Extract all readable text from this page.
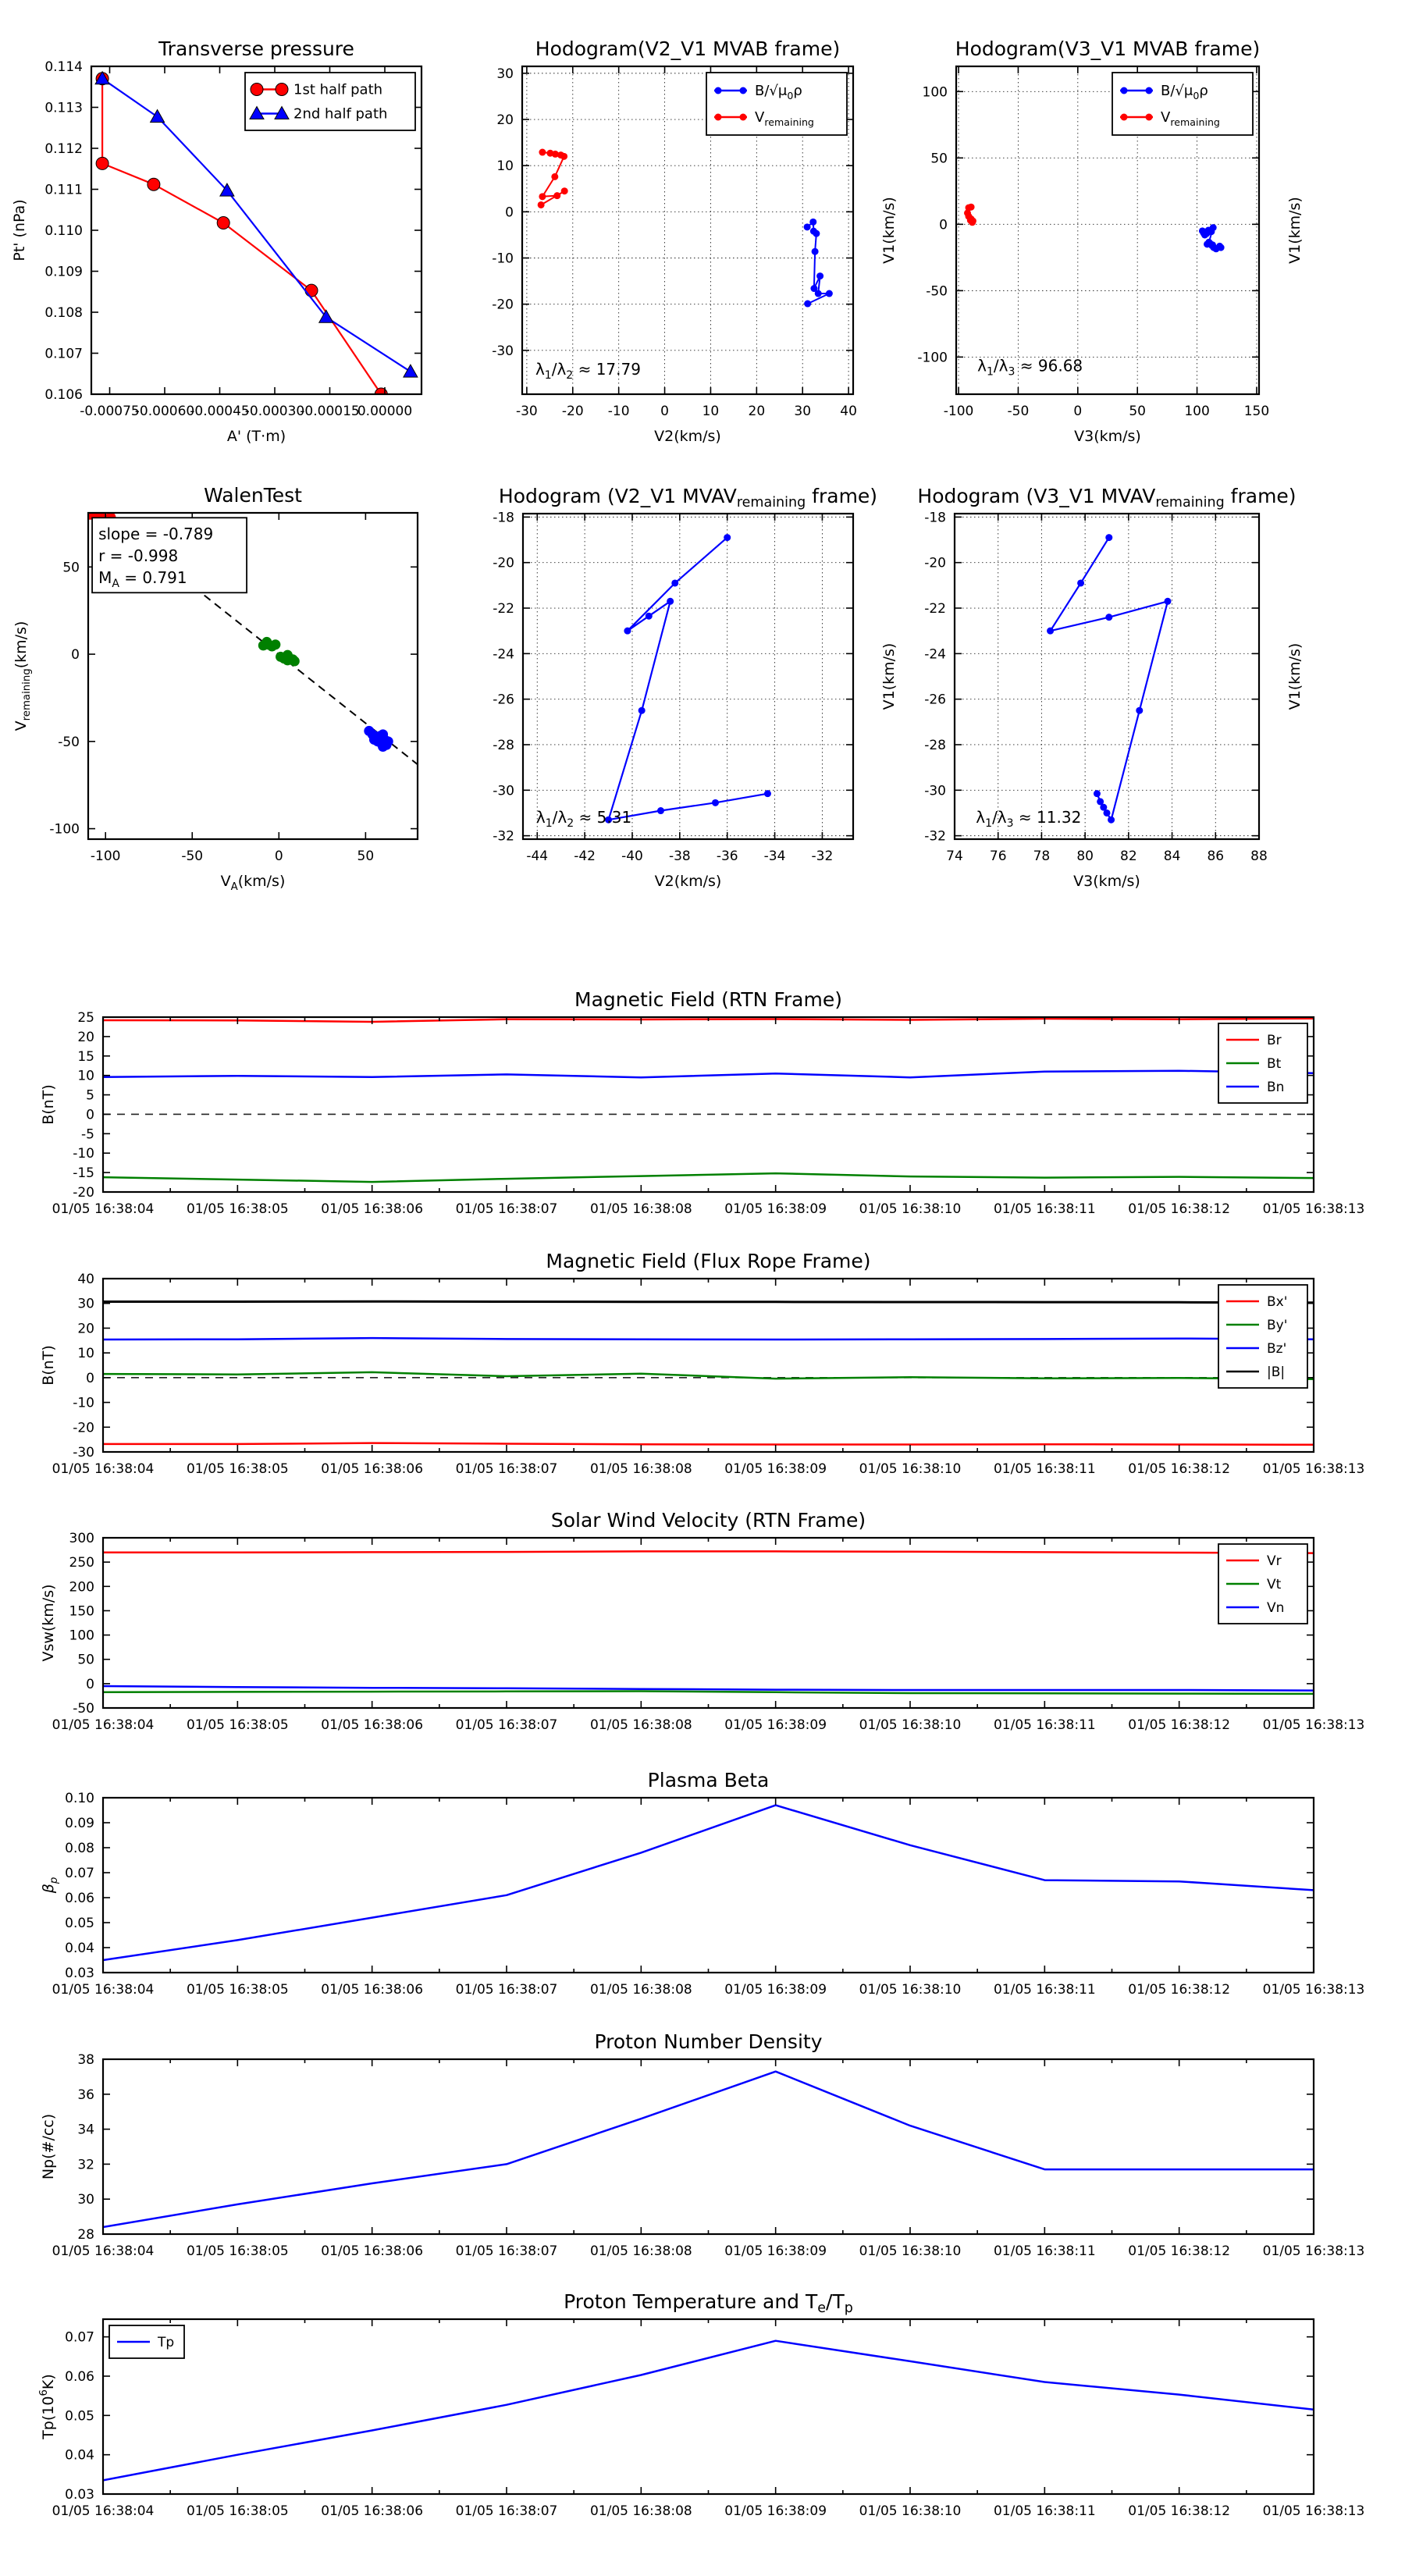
-0.00075
-0.00060
-0.00045
-0.00030
-0.00015
0.00000
0.106
0.107
0.108
0.109
0.110
0.111
0.112
0.113
0.114
Transverse pressure
A' (T·m)
Pt' (nPa)
1st half path
2nd half path
-30 -20 -10 0	10 20 30 40
-30
-20
-10
0
10
20
30
Hodogram(V2_V1 MVAB frame)
V2(km/s)
V1(km/s)
$\lambda_1/\lambda_2 \approx 17.79$
$B/√\mu_0\rho$
$V_{remaining}$
-100	-50	0	50	100	150
-100
-50
0
50
100
Hodogram(V3_V1 MVAB frame)
V3(km/s)
V1(km/s)
$\lambda_1/\lambda_3 \approx 96.68$
$B/√\mu_0\rho$
$V_{remaining}$
-100	-50	0	50
-100
-50
0
50
WalenTest
$V_A(km/s)$
$V_{remaining}(km/s)$
slope = -0.789
r = -0.998
$M_A = 0.791$
-44 -42 -40 -38 -36 -34 -32
-32
-30
-28
-26
-24
-22
-20
-18
Hodogram (V2_V1 $MVAV_{remaining}$ frame)
V2(km/s)
V1(km/s)
$\lambda_1/\lambda_2 \approx 5.31$
74 76 78 80 82 84 86 88
-32
-30
-28
-26
-24
-22
-20
-18
Hodogram (V3_V1 $MVAV_{remaining}$ frame)
V3(km/s)
V1(km/s)
$\lambda_1/\lambda_3 \approx 11.32$
01/05 16:38:04 01/05 16:38:05 01/05 16:38:06 01/05 16:38:07 01/05 16:38:08 01/05 16:38:09 01/05 16:38:10 01/05 16:38:11 01/05 16:38:12 01/05 16:38:13
-20
-15
-10
-5
0
5
10
15
20
25
Magnetic Field (RTN Frame)
B(nT)
Br
Bt
Bn
01/05 16:38:04 01/05 16:38:05 01/05 16:38:06 01/05 16:38:07 01/05 16:38:08 01/05 16:38:09 01/05 16:38:10 01/05 16:38:11 01/05 16:38:12 01/05 16:38:13
-30
-20
-10
0
10
20
30
40
Magnetic Field (Flux Rope Frame)
B(nT)
Bx'
By'
Bz'
|B|
01/05 16:38:04 01/05 16:38:05 01/05 16:38:06 01/05 16:38:07 01/05 16:38:08 01/05 16:38:09 01/05 16:38:10 01/05 16:38:11 01/05 16:38:12 01/05 16:38:13
-50
0
50
100
150
200
250
300
Solar Wind Velocity (RTN Frame)
Vsw(km/s)
Vr
Vt
Vn
01/05 16:38:04 01/05 16:38:05 01/05 16:38:06 01/05 16:38:07 01/05 16:38:08 01/05 16:38:09 01/05 16:38:10 01/05 16:38:11 01/05 16:38:12 01/05 16:38:13
0.03
0.04
0.05
0.06
0.07
0.08
0.09
0.10
Plasma Beta
$\beta_p$
01/05 16:38:04 01/05 16:38:05 01/05 16:38:06 01/05 16:38:07 01/05 16:38:08 01/05 16:38:09 01/05 16:38:10 01/05 16:38:11 01/05 16:38:12 01/05 16:38:13
28
30
32
34
36
38
Proton Number Density
Np(#/cc)
01/05 16:38:04 01/05 16:38:05 01/05 16:38:06 01/05 16:38:07 01/05 16:38:08 01/05 16:38:09 01/05 16:38:10 01/05 16:38:11 01/05 16:38:12 01/05 16:38:13
0.03
0.04
0.05
0.06
0.07
Proton Temperature and $T_e/T_p$
$Tp(10^6K)$
Tp
